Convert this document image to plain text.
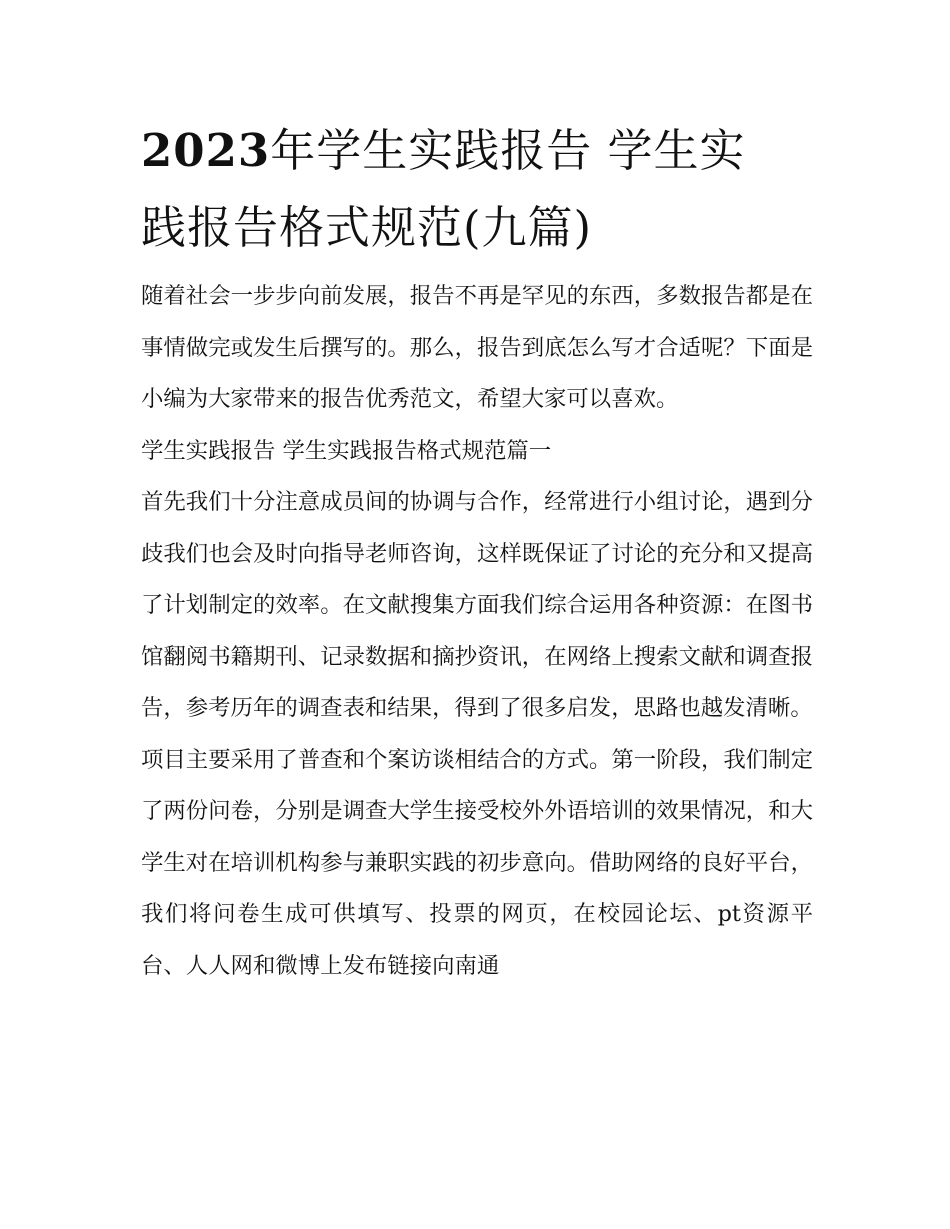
2023年学生实践报告 学生实
践报告格式规范(九篇)

随着社会一步步向前发展，报告不再是罕见的东西，多数报告都是在事情做完或发生后撰写的。那么，报告到底怎么写才合适呢？下面是小编为大家带来的报告优秀范文，希望大家可以喜欢。

学生实践报告 学生实践报告格式规范篇一

首先我们十分注意成员间的协调与合作，经常进行小组讨论，遇到分歧我们也会及时向指导老师咨询，这样既保证了讨论的充分和又提高了计划制定的效率。在文献搜集方面我们综合运用各种资源：在图书馆翻阅书籍期刊、记录数据和摘抄资讯，在网络上搜索文献和调查报告，参考历年的调查表和结果，得到了很多启发，思路也越发清晰。

项目主要采用了普查和个案访谈相结合的方式。第一阶段，我们制定了两份问卷，分别是调查大学生接受校外外语培训的效果情况，和大学生对在培训机构参与兼职实践的初步意向。借助网络的良好平台，我们将问卷生成可供填写、投票的网页，在校园论坛、pt资源平台、人人网和微博上发布链接向南通
